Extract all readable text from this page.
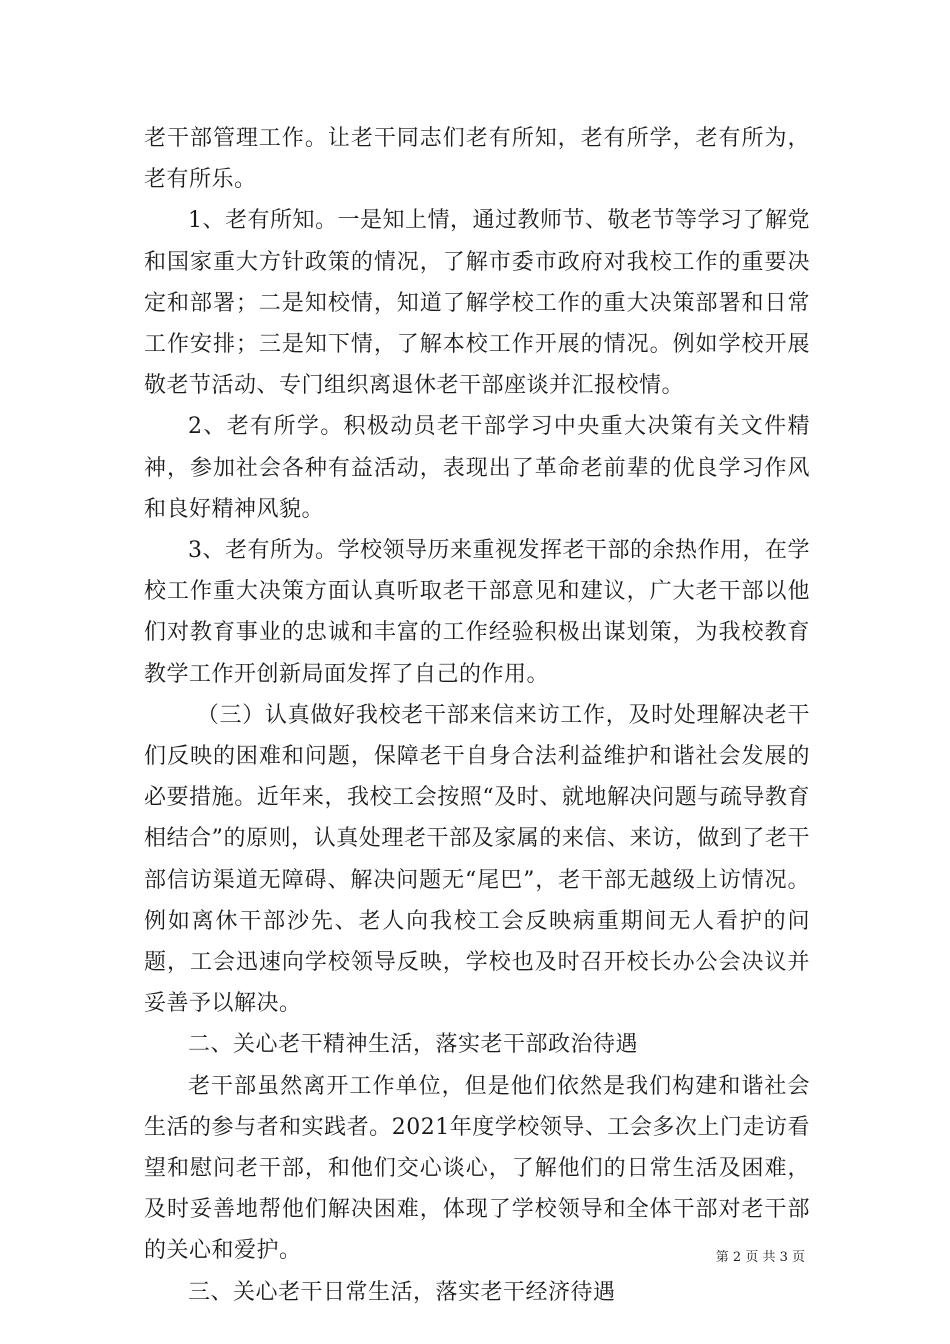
老干部管理工作。让老干同志们老有所知，老有所学，老有所为，老有所乐。

1、老有所知。一是知上情，通过教师节、敬老节等学习了解党和国家重大方针政策的情况，了解市委市政府对我校工作的重要决定和部署；二是知校情，知道了解学校工作的重大决策部署和日常工作安排；三是知下情，了解本校工作开展的情况。例如学校开展敬老节活动、专门组织离退休老干部座谈并汇报校情。

2、老有所学。积极动员老干部学习中央重大决策有关文件精神，参加社会各种有益活动，表现出了革命老前辈的优良学习作风和良好精神风貌。

3、老有所为。学校领导历来重视发挥老干部的余热作用，在学校工作重大决策方面认真听取老干部意见和建议，广大老干部以他们对教育事业的忠诚和丰富的工作经验积极出谋划策，为我校教育教学工作开创新局面发挥了自己的作用。

（三）认真做好我校老干部来信来访工作，及时处理解决老干们反映的困难和问题，保障老干自身合法利益维护和谐社会发展的必要措施。近年来，我校工会按照“及时、就地解决问题与疏导教育相结合”的原则，认真处理老干部及家属的来信、来访，做到了老干部信访渠道无障碍、解决问题无“尾巴”，老干部无越级上访情况。例如离休干部沙先、老人向我校工会反映病重期间无人看护的问题，工会迅速向学校领导反映，学校也及时召开校长办公会决议并妥善予以解决。

二、关心老干精神生活，落实老干部政治待遇

老干部虽然离开工作单位，但是他们依然是我们构建和谐社会生活的参与者和实践者。2021年度学校领导、工会多次上门走访看望和慰问老干部，和他们交心谈心，了解他们的日常生活及困难，及时妥善地帮他们解决困难，体现了学校领导和全体干部对老干部的关心和爱护。

三、关心老干日常生活，落实老干经济待遇

第 2 页 共 3 页
